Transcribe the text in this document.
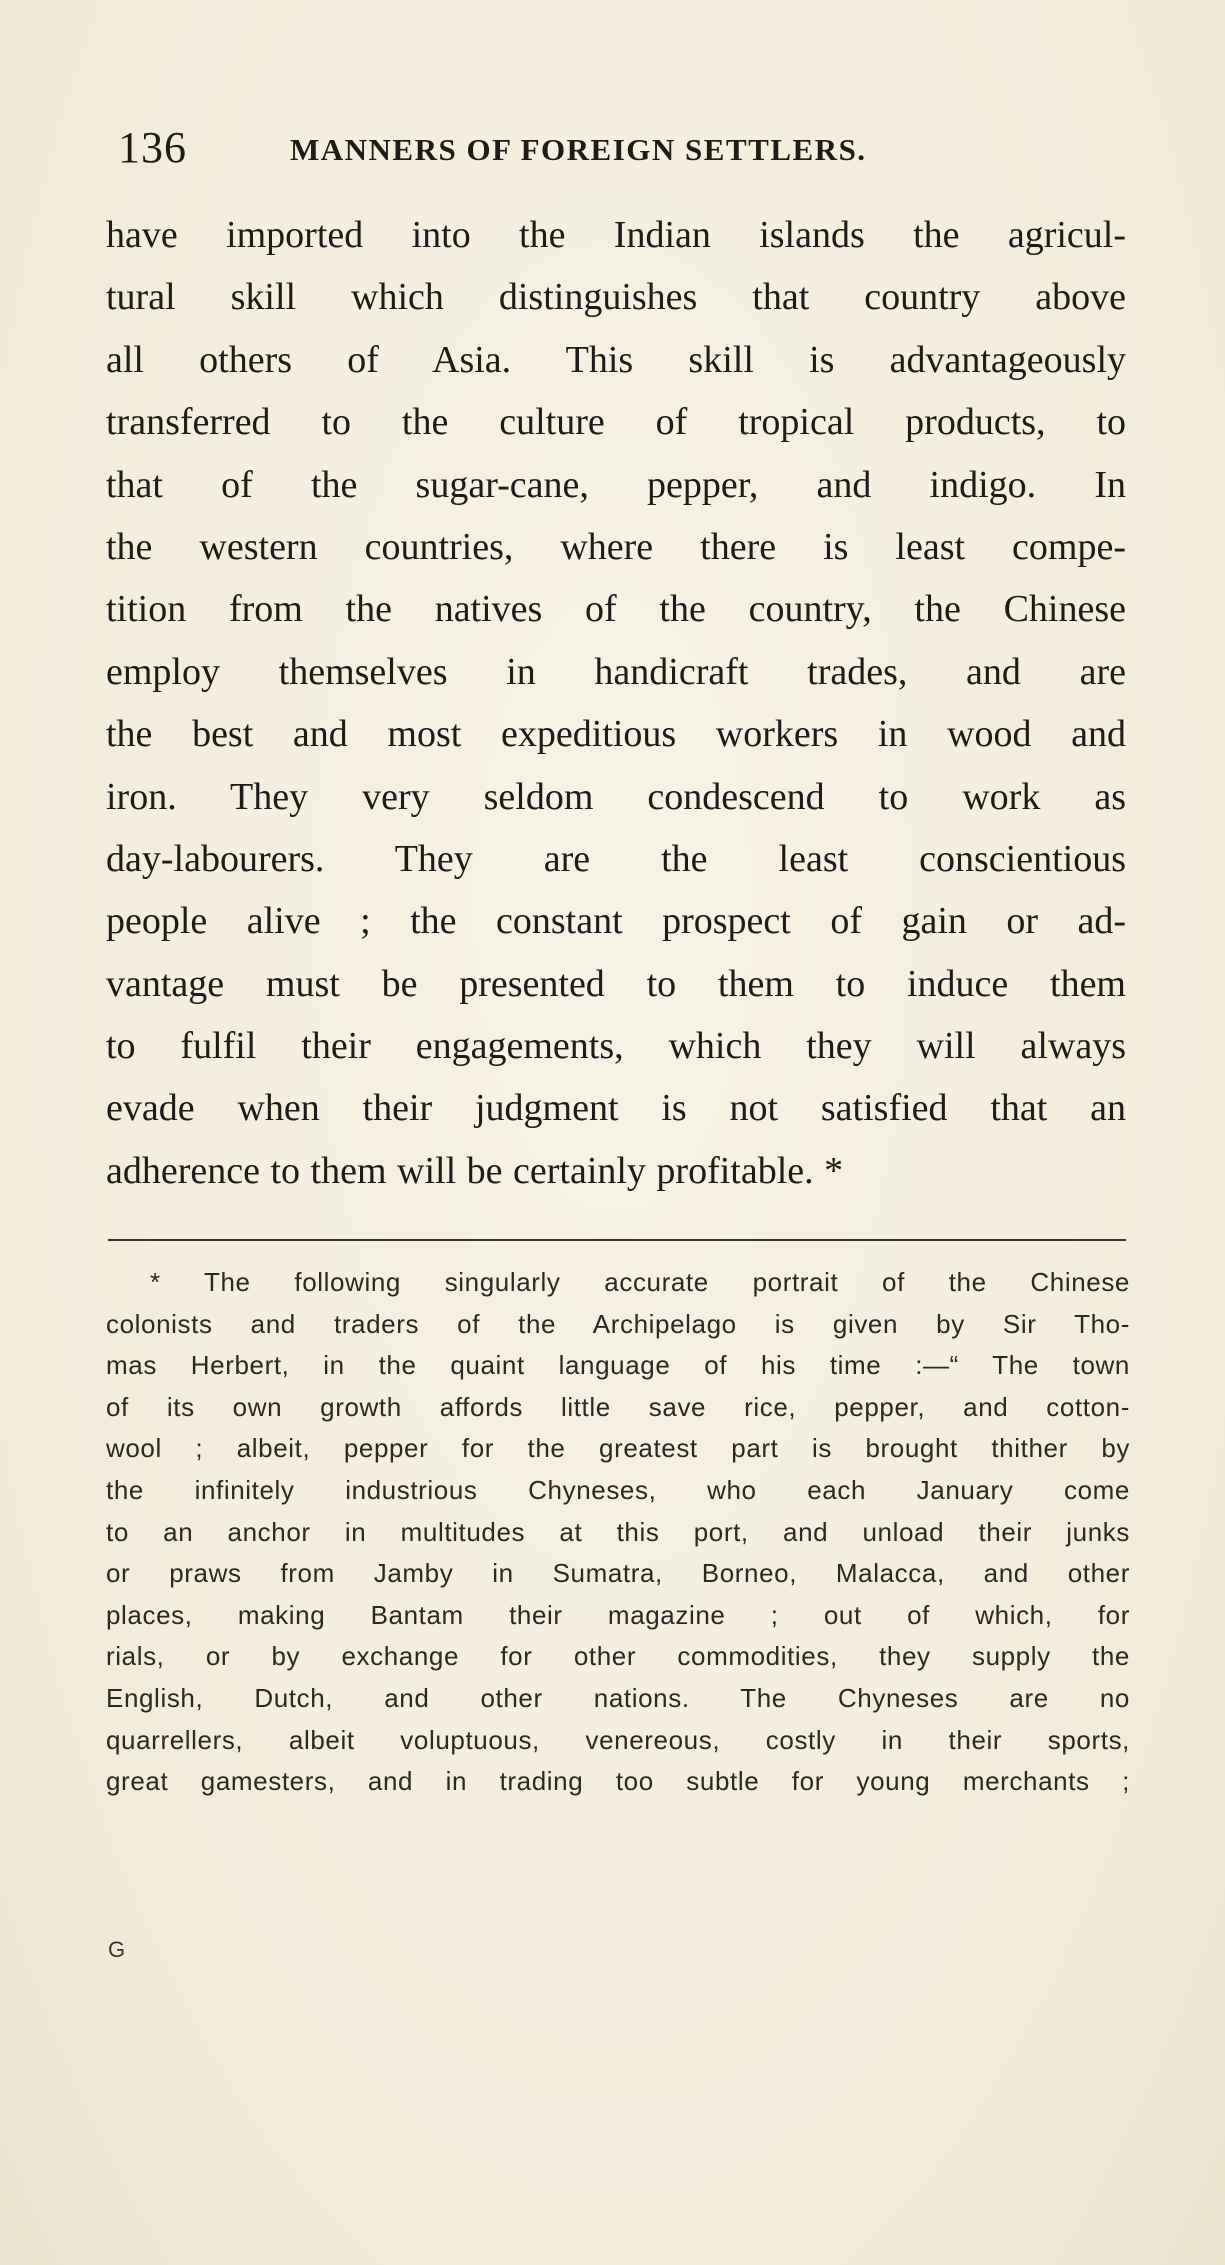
136	MANNERS OF FOREIGN SETTLERS.
have imported into the Indian islands the agricul-
tural skill which distinguishes that country above
all others of Asia. This skill is advantageously
transferred to the culture of tropical products, to
that of the sugar-cane, pepper, and indigo. In
the western countries, where there is least compe-
tition from the natives of the country, the Chinese
employ themselves in handicraft trades, and are
the best and most expeditious workers in wood and
iron. They very seldom condescend to work as
day-labourers. They are the least conscientious
people alive ; the constant prospect of gain or ad-
vantage must be presented to them to induce them
to fulfil their engagements, which they will always
evade when their judgment is not satisfied that an
adherence to them will be certainly profitable. *
* The following singularly accurate portrait of the Chinese
colonists and traders of the Archipelago is given by Sir Tho-
mas Herbert, in the quaint language of his time :—“ The town
of its own growth affords little save rice, pepper, and cotton-
wool ; albeit, pepper for the greatest part is brought thither by
the infinitely industrious Chyneses, who each January come
to an anchor in multitudes at this port, and unload their junks
or praws from Jamby in Sumatra, Borneo, Malacca, and other
places, making Bantam their magazine ; out of which, for
rials, or by exchange for other commodities, they supply the
English, Dutch, and other nations. The Chyneses are no
quarrellers, albeit voluptuous, venereous, costly in their sports,
great gamesters, and in trading too subtle for young merchants ;
G
